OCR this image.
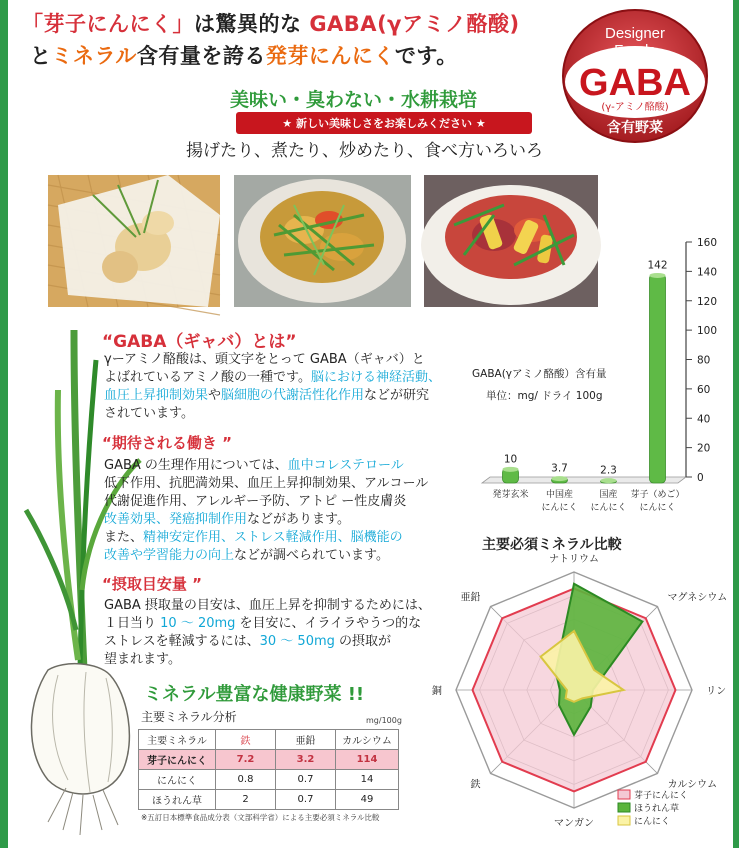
「芽子にんにく」は驚異的な GABA(γアミノ酪酸)
とミネラル含有量を誇る発芽にんにくです。
Designer
Foods
GABA
(γ-アミノ酪酸)
含有野菜
美味い・臭わない・水耕栽培
★ 新しい美味しさをお楽しみください ★
揚げたり、煮たり、炒めたり、食べ方いろいろ
“GABA（ギャバ）とは”
γーアミノ酪酸は、頭文字をとって GABA（ギャバ）と
よばれているアミノ酸の一種です。脳における神経活動、
血圧上昇抑制効果や脳細胞の代謝活性化作用などが研究
されています。
“期待される働き ”
GABA の生理作用については、血中コレステロール
低下作用、抗肥満効果、血圧上昇抑制効果、アルコール
代謝促進作用、アレルギー予防、アトピ ー性皮膚炎
改善効果、発癌抑制作用などがあります。
また、精神安定作用、ストレス軽減作用、脳機能の
改善や学習能力の向上などが調べられています。
“摂取目安量 ”
GABA 摂取量の目安は、血圧上昇を抑制するためには、
１日当り 10 ～ 20mg を目安に、イライラやうつ的な
ストレスを軽減するには、30 ～ 50mg の摂取が
望まれます。
ミネラル豊富な健康野菜 !!
主要ミネラル分析	mg/100g
主要ミネラル	鉄	亜鉛	カルシウム
芽子にんにく	7.2	3.2	114
にんにく	0.8	0.7	14
ほうれん草	2	0.7	49
※五訂日本標準食品成分表（文部科学省）による主要必須ミネラル比較
0
20
40
60
80
100
120
140
160
10
発芽玄米
3.7
中国産
にんにく
2.3
国産
にんにく
142
芽子（めご）
にんにく
GABA(γアミノ酪酸）含有量
単位：mg/ ドライ 100g
主要必須ミネラル比較
ナトリウム
マグネシウム
リン
カルシウム
マンガン
鉄
銅
亜鉛
芽子にんにく
ほうれん草
にんにく
